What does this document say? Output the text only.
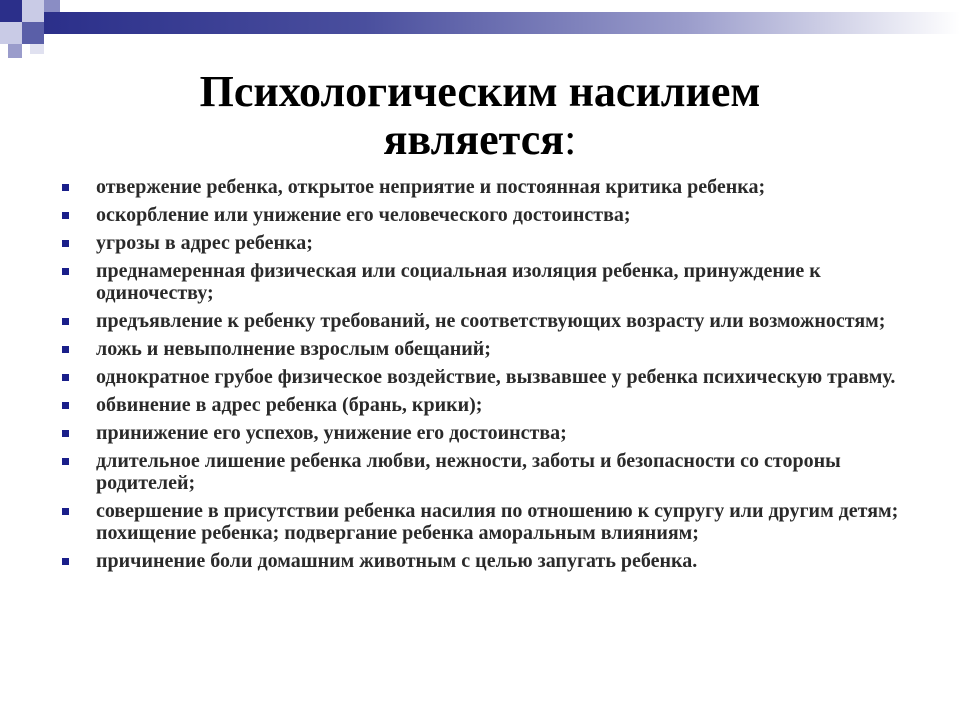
Психологическим насилием
является:
отвержение ребенка, открытое неприятие и постоянная критика ребенка;
оскорбление или унижение его человеческого достоинства;
угрозы в адрес ребенка;
преднамеренная физическая или социальная изоляция ребенка, принуждение к одиночеству;
предъявление к ребенку требований, не соответствующих возрасту или возможностям;
ложь и невыполнение взрослым обещаний;
однократное грубое физическое воздействие, вызвавшее у ребенка психическую травму.
обвинение в адрес ребенка (брань, крики);
принижение его успехов, унижение его достоинства;
длительное лишение ребенка любви, нежности, заботы и безопасности со стороны родителей;
совершение в присутствии ребенка насилия по отношению к супругу или другим детям; похищение ребенка; подвергание ребенка аморальным влияниям;
причинение боли домашним животным с целью запугать ребенка.
